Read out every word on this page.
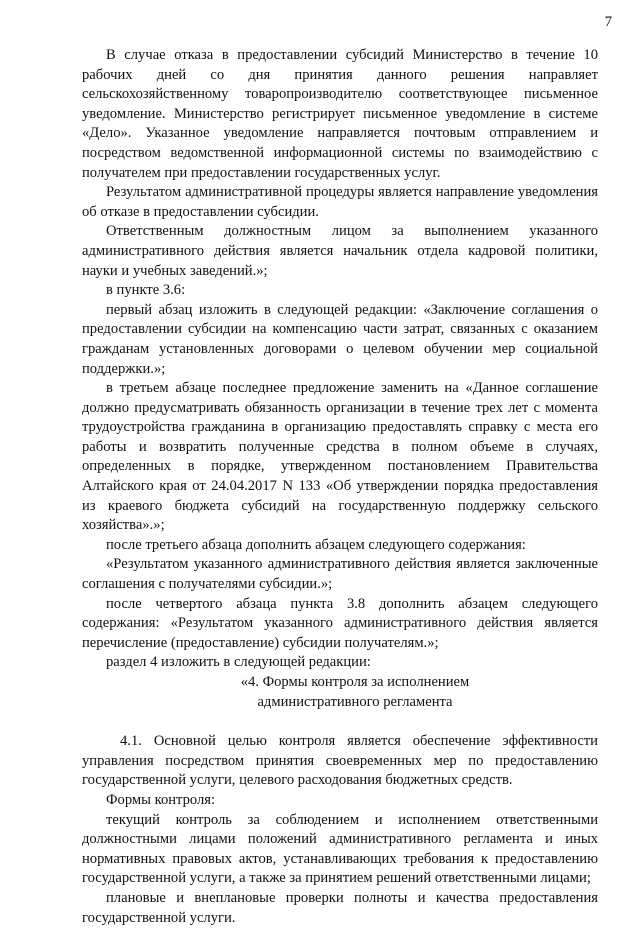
7

В случае отказа в предоставлении субсидий Министерство в течение 10 рабочих дней со дня принятия данного решения направляет сельскохозяйственному товаропроизводителю соответствующее письменное уведомление. Министерство регистрирует письменное уведомление в системе «Дело». Указанное уведомление направляется почтовым отправлением и посредством ведомственной информационной системы по взаимодействию с получателем при предоставлении государственных услуг.

Результатом административной процедуры является направление уведомления об отказе в предоставлении субсидии.

Ответственным должностным лицом за выполнением указанного административного действия является начальник отдела кадровой политики, науки и учебных заведений.»;

в пункте 3.6:

первый абзац изложить в следующей редакции: «Заключение соглашения о предоставлении субсидии на компенсацию части затрат, связанных с оказанием гражданам установленных договорами о целевом обучении мер социальной поддержки.»;

в третьем абзаце последнее предложение заменить на «Данное соглашение должно предусматривать обязанность организации в течение трех лет с момента трудоустройства гражданина в организацию предоставлять справку с места его работы и возвратить полученные средства в полном объеме в случаях, определенных в порядке, утвержденном постановлением Правительства Алтайского края от 24.04.2017 N 133 «Об утверждении порядка предоставления из краевого бюджета субсидий на государственную поддержку сельского хозяйства».»;

после третьего абзаца дополнить абзацем следующего содержания:

«Результатом указанного административного действия является заключенные соглашения с получателями субсидии.»;

после четвертого абзаца пункта 3.8 дополнить абзацем следующего содержания: «Результатом указанного административного действия является перечисление (предоставление) субсидии получателям.»;

раздел 4 изложить в следующей редакции:

«4. Формы контроля за исполнением

административного регламента

4.1. Основной целью контроля является обеспечение эффективности управления посредством принятия своевременных мер по предоставлению государственной услуги, целевого расходования бюджетных средств.

Формы контроля:

текущий контроль за соблюдением и исполнением ответственными должностными лицами положений административного регламента и иных нормативных правовых актов, устанавливающих требования к предоставлению государственной услуги, а также за принятием решений ответственными лицами;

плановые и внеплановые проверки полноты и качества предоставления государственной услуги.
